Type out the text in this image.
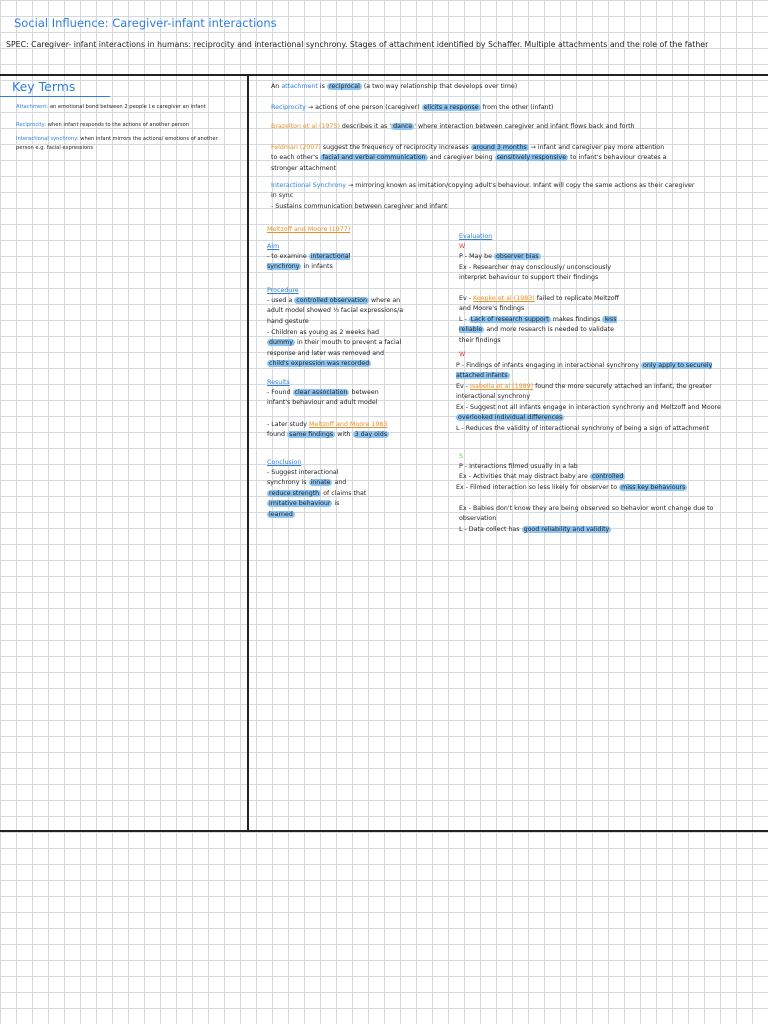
Social Influence: Caregiver-infant interactions
SPEC: Caregiver- infant interactions in humans: reciprocity and interactional synchrony. Stages of attachment identified by Schaffer. Multiple attachments and the role of the father
Key Terms
Attachment: an emotional bond between 2 people I.e caregiver an infant
Reciprocity: when infant responds to the actions of another person
Interactional synchrony: when infant mirrors the actions/ emotions of another person e.g. facial expressions
An attachment is reciprocal (a two way relationship that develops over time)
Reciprocity → actions of one person (caregiver) elicits a response from the other (infant)
Brazelton et al (1975) describes it as ' dance ' where interaction between caregiver and infant flows back and forth
Feldman (2007) suggest the frequency of reciprocity increases around 3 months → infant and caregiver pay more attention to each other's facial and verbal communication and caregiver being sensitively responsive to infant's behaviour creates a stronger attachment
Interactional Synchrony → mirroring known as imitation/copying adult's behaviour. Infant will copy the same actions as their caregiver in sync
- Sustains communication between caregiver and infant
Meltzoff and Moore (1977)
Aim
- to examine interactional synchrony in infants
Procedure
- used a controlled observation where an adult model showed ⅓ facial expressions/a hand gesture
- Children as young as 2 weeks had dummy in their mouth to prevent a facial response and later was removed and child's expression was recorded
Results
- Found clear association between infant's behaviour and adult model
- Later study Meltzoff and Moore 1983 found same findings with 3 day olds
Conclusion
- Suggest interactional synchrony is innate and reduce strength of claims that imitative behaviour is learned
Evaluation
W
P - May be observer bias
Ex - Researcher may consciously/ unconsciously interpret behaviour to support their findings
Ev - Koepke et al (1983) failed to replicate Meltzoff and Moore's findings
L - Lack of research support makes findings less reliable and more research is needed to validate their findings
W
P - Findings of infants engaging in interactional synchrony only apply to securely attached infants
Ev - Isabella et al (1989) found the more securely attached an infant, the greater interactional synchrony
Ex - Suggest not all infants engage in interaction synchrony and Meltzoff and Moore overlooked individual differences
L - Reduces the validity of interactional synchrony of being a sign of attachment
S
P - Interactions filmed usually in a lab
Ex - Activities that may distract baby are controlled
Ex - Filmed interaction so less likely for observer to miss key behaviours
Ex - Babies don't know they are being observed so behavior wont change due to observation
L - Data collect has good reliability and validity
